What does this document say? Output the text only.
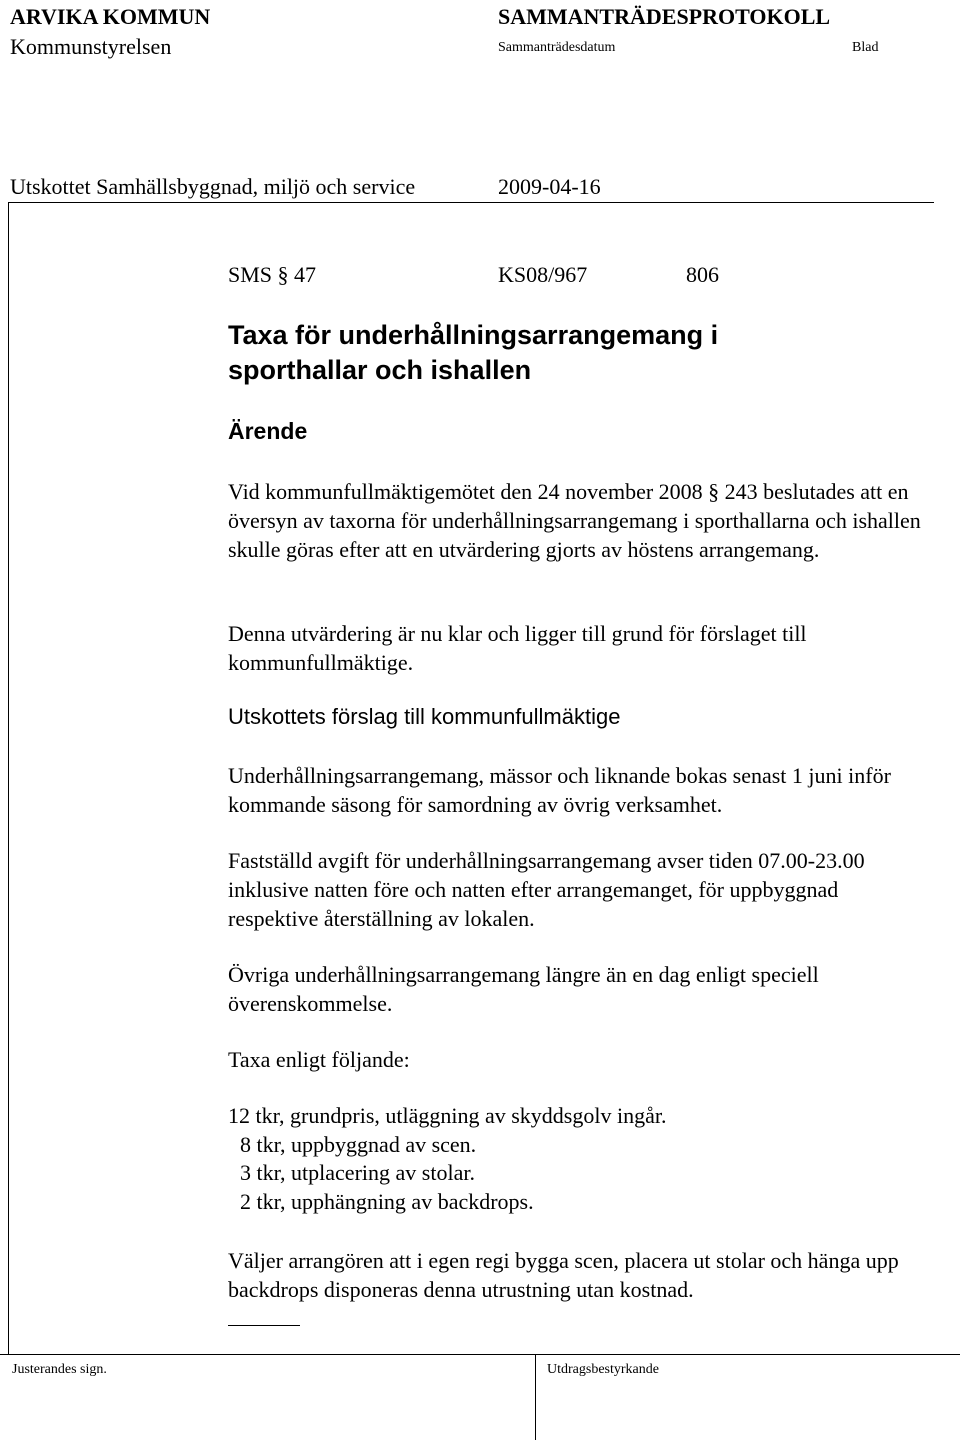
ARVIKA KOMMUN
Kommunstyrelsen
SAMMANTRÄDESPROTOKOLL
Sammanträdesdatum	Blad
Utskottet Samhällsbyggnad, miljö och service	2009-04-16
SMS § 47	KS08/967	806
Taxa för underhållningsarrangemang i sporthallar och ishallen
Ärende
Vid kommunfullmäktigemötet den 24 november 2008 § 243 beslutades att en översyn av taxorna för underhållningsarrangemang i sporthallarna och ishallen skulle göras efter att en utvärdering gjorts av höstens arrangemang.
Denna utvärdering är nu klar och ligger till grund för förslaget till kommunfullmäktige.
Utskottets förslag till kommunfullmäktige
Underhållningsarrangemang, mässor och liknande bokas senast 1 juni inför kommande säsong för samordning av övrig verksamhet.
Fastställd avgift för underhållningsarrangemang avser tiden 07.00-23.00 inklusive natten före och natten efter arrangemanget, för uppbyggnad respektive återställning av lokalen.
Övriga underhållningsarrangemang längre än en dag enligt speciell överenskommelse.
Taxa enligt följande:
12 tkr, grundpris, utläggning av skyddsgolv ingår.
8 tkr, uppbyggnad av scen.
3 tkr, utplacering av stolar.
2 tkr, upphängning av backdrops.
Väljer arrangören att i egen regi bygga scen, placera ut stolar och hänga upp backdrops disponeras denna utrustning utan kostnad.
Justerandes sign.	Utdragsbestyrkande
